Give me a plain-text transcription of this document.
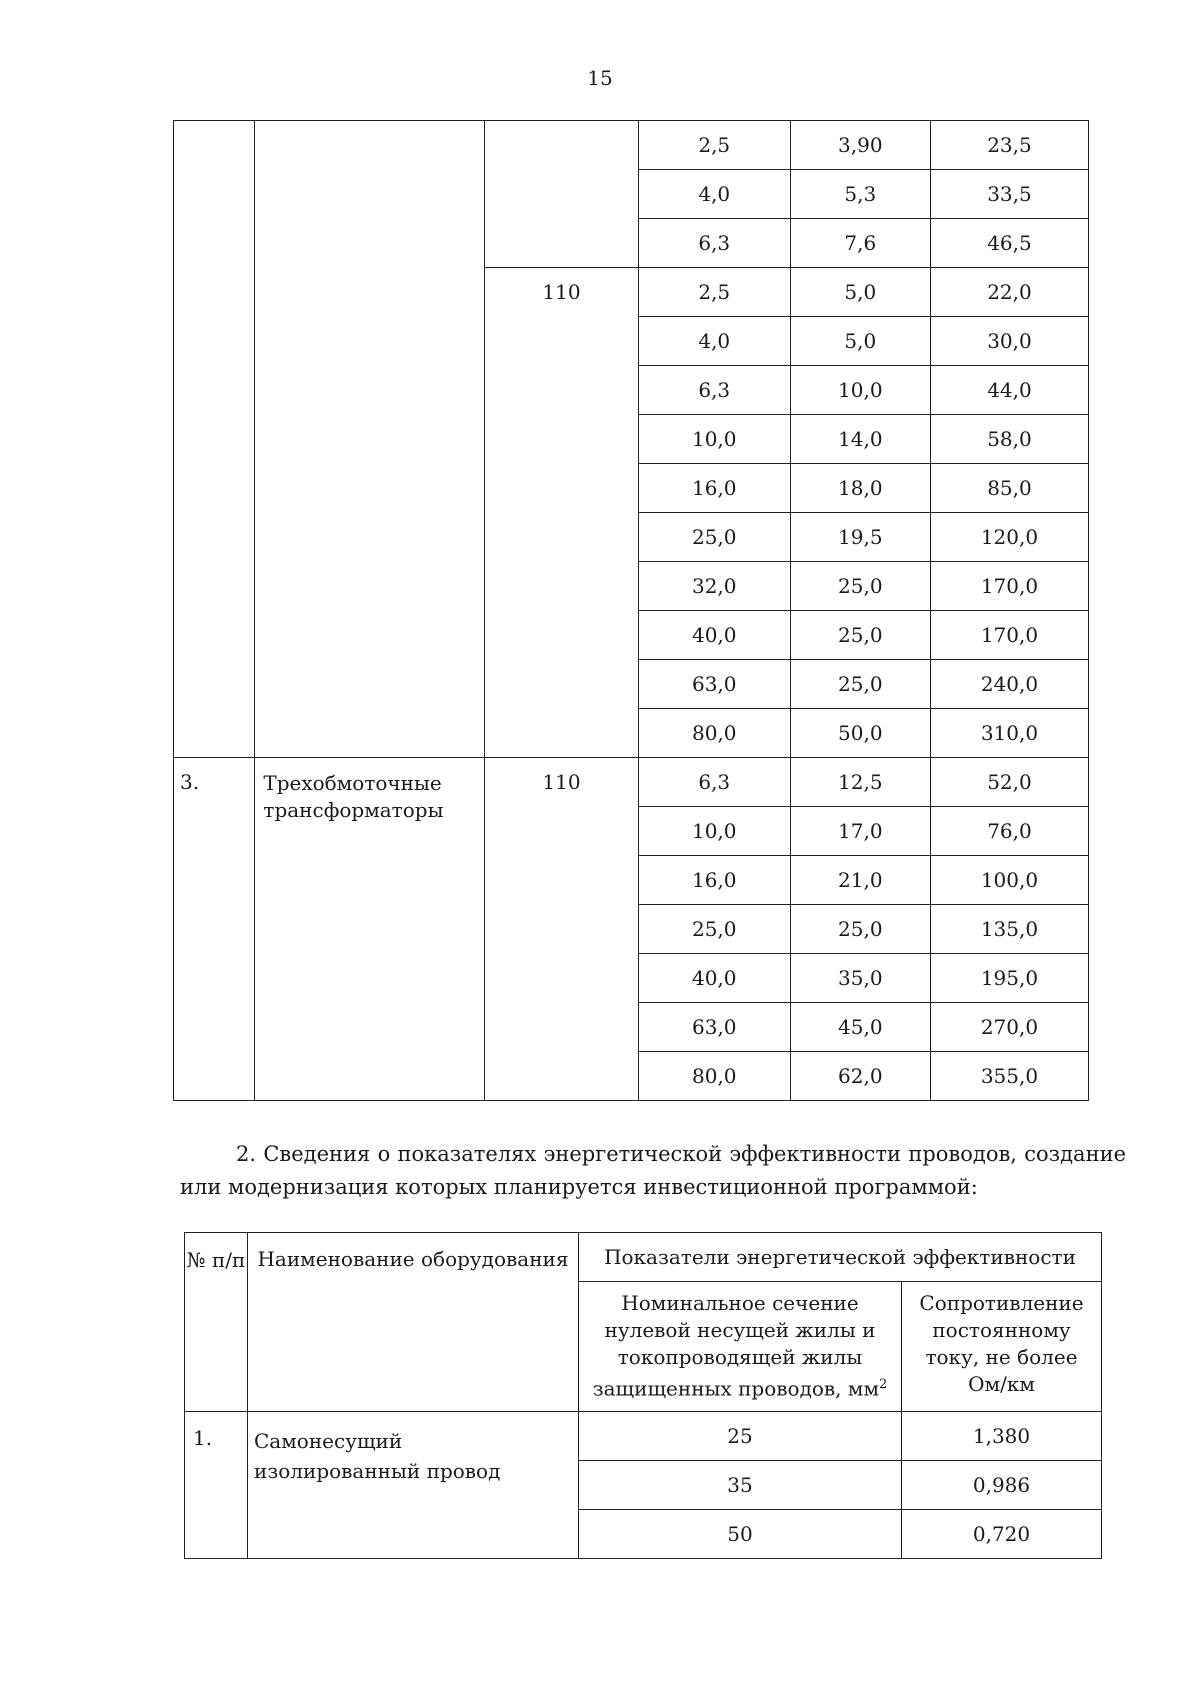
15
			2,5	3,90	23,5
			4,0	5,3	33,5
			6,3	7,6	46,5
		110	2,5	5,0	22,0
			4,0	5,0	30,0
			6,3	10,0	44,0
			10,0	14,0	58,0
			16,0	18,0	85,0
			25,0	19,5	120,0
			32,0	25,0	170,0
			40,0	25,0	170,0
			63,0	25,0	240,0
			80,0	50,0	310,0
3.	Трехобмоточные трансформаторы	110	6,3	12,5	52,0
			10,0	17,0	76,0
			16,0	21,0	100,0
			25,0	25,0	135,0
			40,0	35,0	195,0
			63,0	45,0	270,0
			80,0	62,0	355,0

2. Сведения о показателях энергетической эффективности проводов, создание или модернизация которых планируется инвестиционной программой:

№ п/п	Наименование оборудования	Показатели энергетической эффективности	
		Номинальное сечение нулевой несущей жилы и токопроводящей жилы защищенных проводов, $мм^2$	Сопротивление постоянному току, не более Ом/км
1.	Самонесущий изолированный провод	25	1,380
		35	0,986
		50	0,720
